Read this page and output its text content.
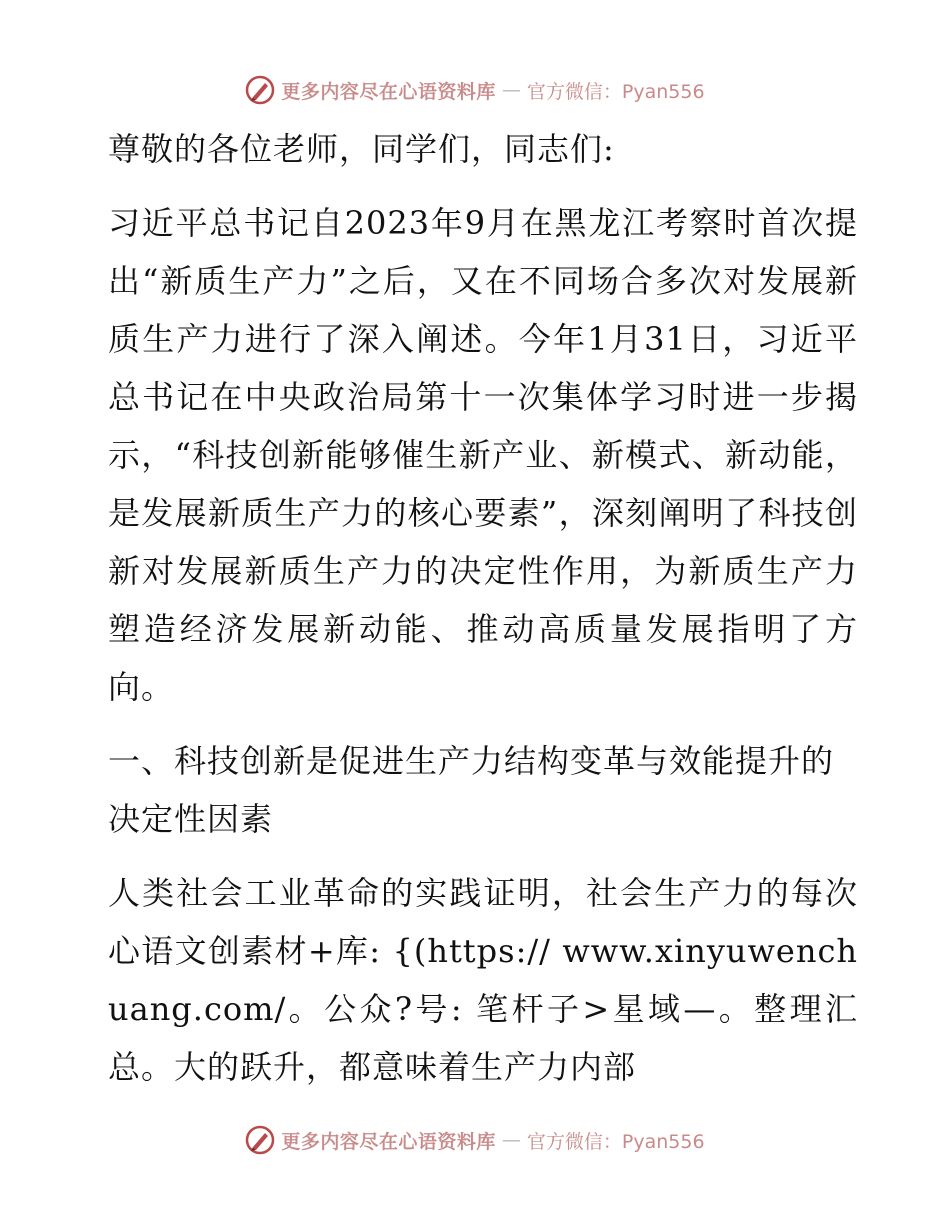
更多内容尽在心语资料库 — 官方微信：Pyan556

尊敬的各位老师，同学们，同志们:

习近平总书记自2023年9月在黑龙江考察时首次提出“新质生产力”之后，又在不同场合多次对发展新质生产力进行了深入阐述。今年1月31日，习近平总书记在中央政治局第十一次集体学习时进一步揭示，“科技创新能够催生新产业、新模式、新动能，是发展新质生产力的核心要素”，深刻阐明了科技创新对发展新质生产力的决定性作用，为新质生产力塑造经济发展新动能、推动高质量发展指明了方向。

一、科技创新是促进生产力结构变革与效能提升的决定性因素

人类社会工业革命的实践证明，社会生产力的每次心语文创素材+库: {(https:// www.xinyuwenchuang.com/。公众?号: 笔杆子>星域—。整理汇总。大的跃升，都意味着生产力内部

更多内容尽在心语资料库 — 官方微信：Pyan556
